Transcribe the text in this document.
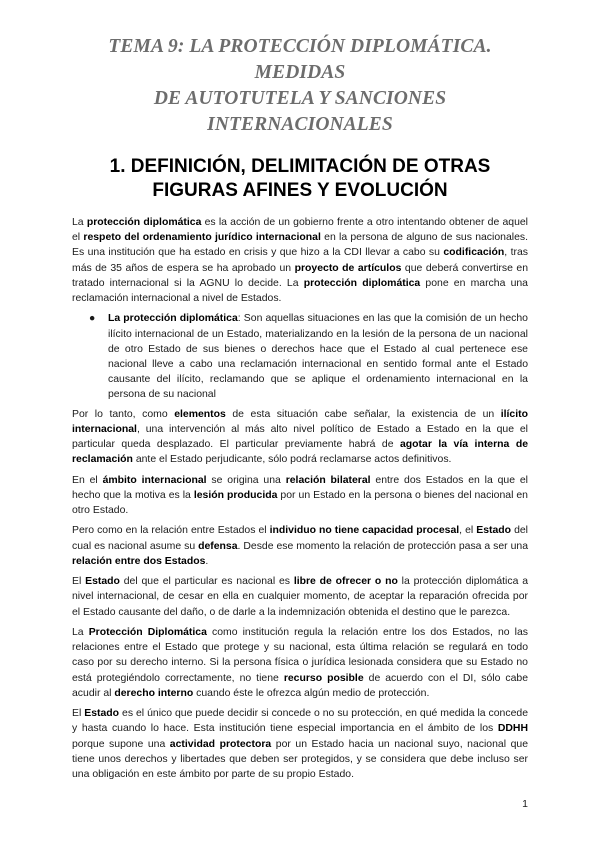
TEMA 9: LA PROTECCIÓN DIPLOMÁTICA. MEDIDAS
DE AUTOTUTELA Y SANCIONES INTERNACIONALES
1. DEFINICIÓN, DELIMITACIÓN DE OTRAS
FIGURAS AFINES Y EVOLUCIÓN

La protección diplomática es la acción de un gobierno frente a otro intentando obtener de aquel el respeto del ordenamiento jurídico internacional en la persona de alguno de sus nacionales. Es una institución que ha estado en crisis y que hizo a la CDI llevar a cabo su codificación, tras más de 35 años de espera se ha aprobado un proyecto de artículos que deberá convertirse en tratado internacional si la AGNU lo decide. La protección diplomática pone en marcha una reclamación internacional a nivel de Estados.

● La protección diplomática: Son aquellas situaciones en las que la comisión de un hecho ilícito internacional de un Estado, materializando en la lesión de la persona de un nacional de otro Estado de sus bienes o derechos hace que el Estado al cual pertenece ese nacional lleve a cabo una reclamación internacional en sentido formal ante el Estado causante del ilícito, reclamando que se aplique el ordenamiento internacional en la persona de su nacional

Por lo tanto, como elementos de esta situación cabe señalar, la existencia de un ilícito internacional, una intervención al más alto nivel político de Estado a Estado en la que el particular queda desplazado. El particular previamente habrá de agotar la vía interna de reclamación ante el Estado perjudicante, sólo podrá reclamarse actos definitivos.

En el ámbito internacional se origina una relación bilateral entre dos Estados en la que el hecho que la motiva es la lesión producida por un Estado en la persona o bienes del nacional en otro Estado.

Pero como en la relación entre Estados el individuo no tiene capacidad procesal, el Estado del cual es nacional asume su defensa. Desde ese momento la relación de protección pasa a ser una relación entre dos Estados.

El Estado del que el particular es nacional es libre de ofrecer o no la protección diplomática a nivel internacional, de cesar en ella en cualquier momento, de aceptar la reparación ofrecida por el Estado causante del daño, o de darle a la indemnización obtenida el destino que le parezca.

La Protección Diplomática como institución regula la relación entre los dos Estados, no las relaciones entre el Estado que protege y su nacional, esta última relación se regulará en todo caso por su derecho interno. Si la persona física o jurídica lesionada considera que su Estado no está protegiéndolo correctamente, no tiene recurso posible de acuerdo con el DI, sólo cabe acudir al derecho interno cuando éste le ofrezca algún medio de protección.

El Estado es el único que puede decidir si concede o no su protección, en qué medida la concede y hasta cuando lo hace. Esta institución tiene especial importancia en el ámbito de los DDHH porque supone una actividad protectora por un Estado hacia un nacional suyo, nacional que tiene unos derechos y libertades que deben ser protegidos, y se considera que debe incluso ser una obligación en este ámbito por parte de su propio Estado.

1
